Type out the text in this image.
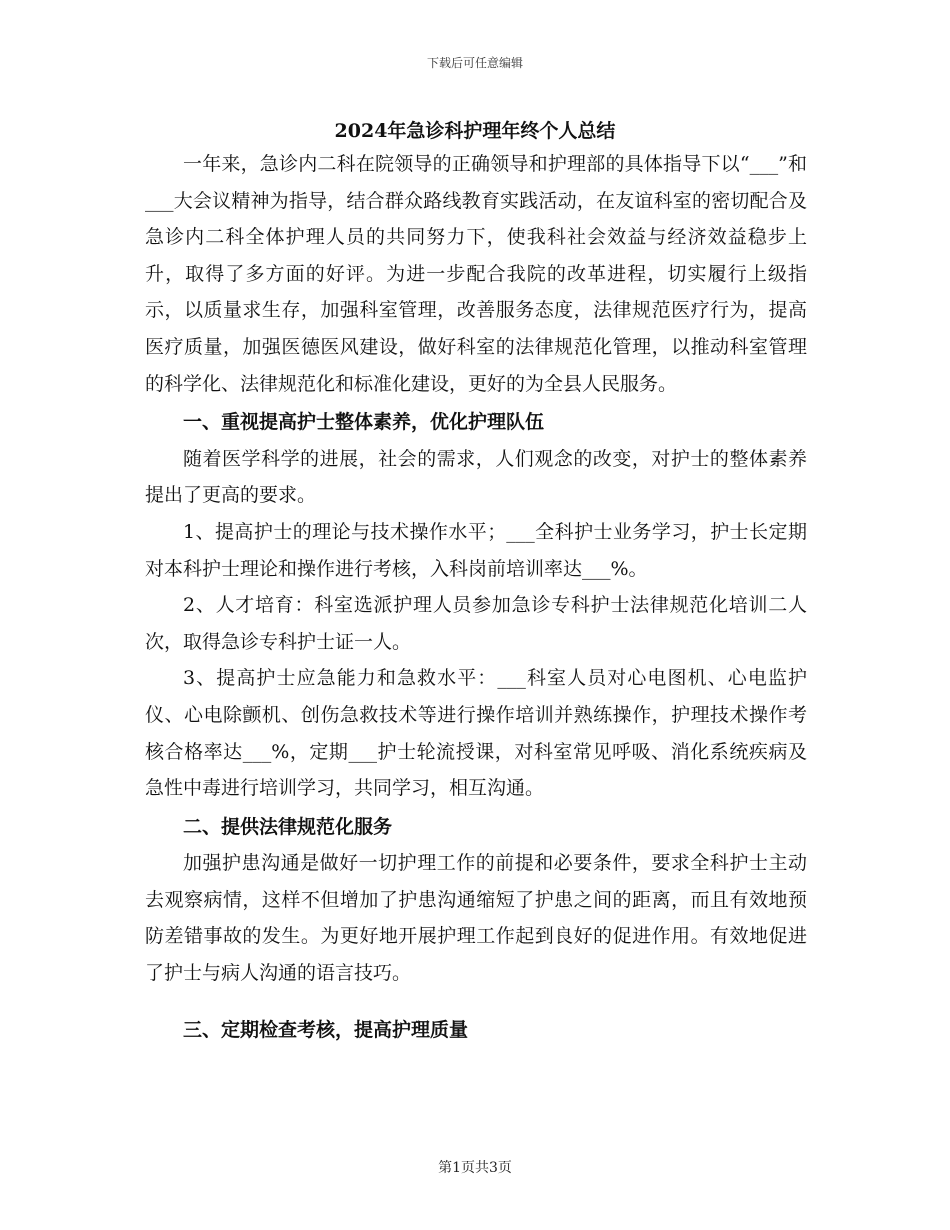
下载后可任意编辑
2024年急诊科护理年终个人总结

一年来，急诊内二科在院领导的正确领导和护理部的具体指导下以“___”和___大会议精神为指导，结合群众路线教育实践活动，在友谊科室的密切配合及急诊内二科全体护理人员的共同努力下，使我科社会效益与经济效益稳步上升，取得了多方面的好评。为进一步配合我院的改革进程，切实履行上级指示，以质量求生存，加强科室管理，改善服务态度，法律规范医疗行为，提高医疗质量，加强医德医风建设，做好科室的法律规范化管理，以推动科室管理的科学化、法律规范化和标准化建设，更好的为全县人民服务。

一、重视提高护士整体素养，优化护理队伍

随着医学科学的进展，社会的需求，人们观念的改变，对护士的整体素养提出了更高的要求。

1、提高护士的理论与技术操作水平；___全科护士业务学习，护士长定期对本科护士理论和操作进行考核，入科岗前培训率达___%。

2、人才培育：科室选派护理人员参加急诊专科护士法律规范化培训二人次，取得急诊专科护士证一人。

3、提高护士应急能力和急救水平：___科室人员对心电图机、心电监护仪、心电除颤机、创伤急救技术等进行操作培训并熟练操作，护理技术操作考核合格率达___%，定期___护士轮流授课，对科室常见呼吸、消化系统疾病及急性中毒进行培训学习，共同学习，相互沟通。

二、提供法律规范化服务

加强护患沟通是做好一切护理工作的前提和必要条件，要求全科护士主动去观察病情，这样不但增加了护患沟通缩短了护患之间的距离，而且有效地预防差错事故的发生。为更好地开展护理工作起到良好的促进作用。有效地促进了护士与病人沟通的语言技巧。

三、定期检查考核，提高护理质量

第1页共3页
